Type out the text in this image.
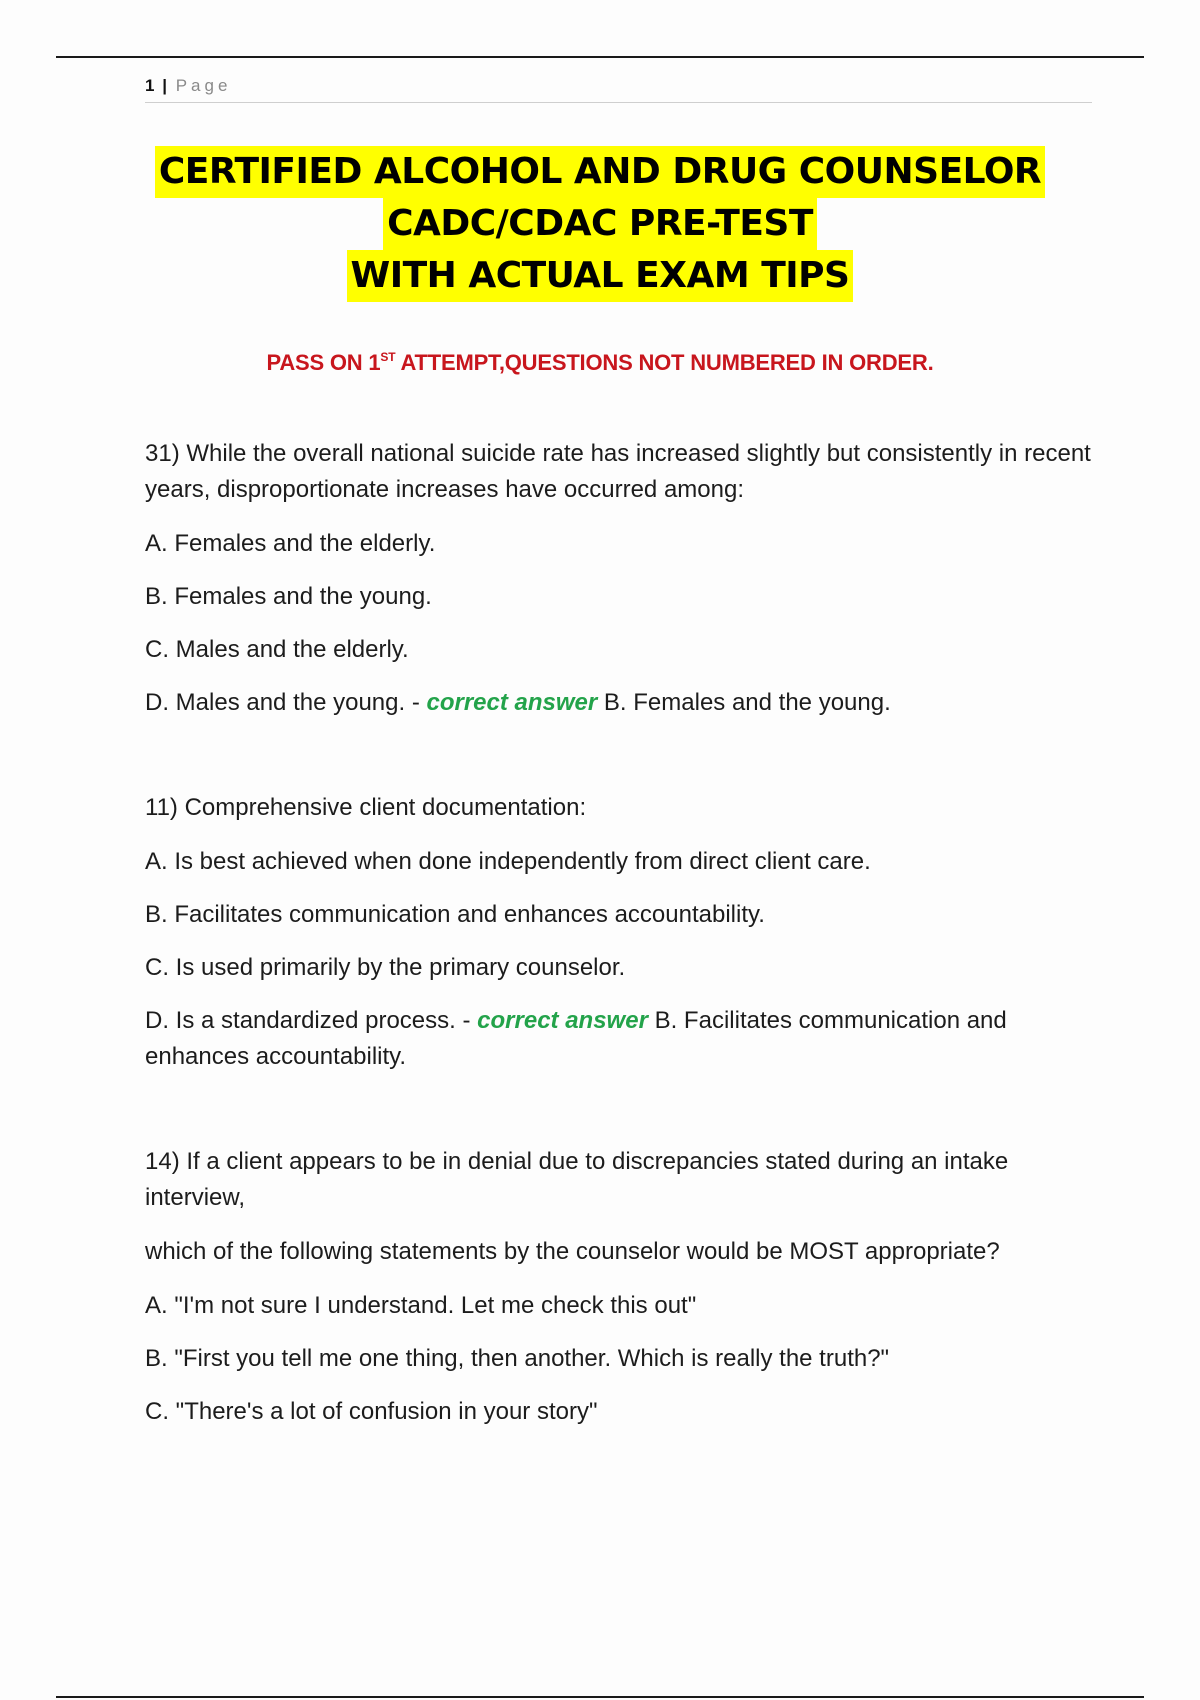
1 | Page
CERTIFIED ALCOHOL AND DRUG COUNSELOR
CADC/CDAC PRE-TEST
WITH ACTUAL EXAM TIPS
PASS ON 1ST ATTEMPT,QUESTIONS NOT NUMBERED IN ORDER.
31) While the overall national suicide rate has increased slightly but consistently in recent years, disproportionate increases have occurred among:
A. Females and the elderly.
B. Females and the young.
C. Males and the elderly.
D. Males and the young. - correct answer B. Females and the young.
11) Comprehensive client documentation:
A. Is best achieved when done independently from direct client care.
B. Facilitates communication and enhances accountability.
C. Is used primarily by the primary counselor.
D. Is a standardized process. - correct answer B. Facilitates communication and enhances accountability.
14) If a client appears to be in denial due to discrepancies stated during an intake interview,
which of the following statements by the counselor would be MOST appropriate?
A. "I'm not sure I understand. Let me check this out"
B. "First you tell me one thing, then another. Which is really the truth?"
C. "There's a lot of confusion in your story"
